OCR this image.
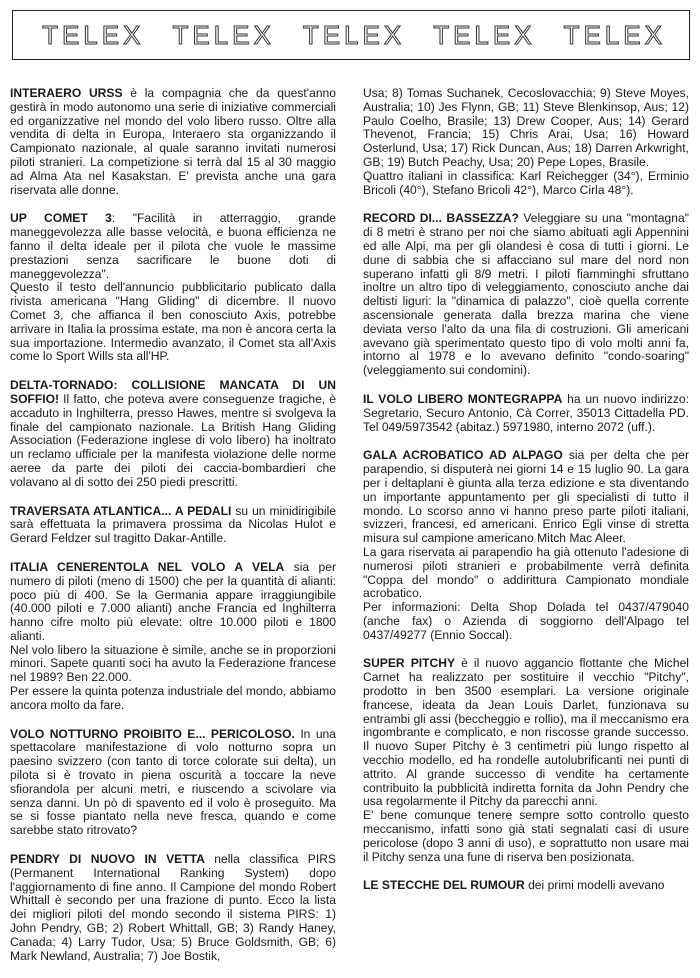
TELEX TELEX TELEX TELEX TELEX

INTERAERO URSS è la compagnia che da quest'anno gestirà in modo autonomo una serie di iniziative commerciali ed organizzative nel mondo del volo libero russo. Oltre alla vendita di delta in Europa, Interaero sta organizzando il Campionato nazionale, al quale saranno invitati numerosi piloti stranieri. La competizione si terrà dal 15 al 30 maggio ad Alma Ata nel Kasakstan. E' prevista anche una gara riservata alle donne.

UP COMET 3: "Facilità in atterraggio, grande maneggevolezza alle basse velocità, e buona efficienza ne fanno il delta ideale per il pilota che vuole le massime prestazioni senza sacrificare le buone doti di maneggevolezza".

Questo il testo dell'annuncio pubblicitario publicato dalla rivista americana "Hang Gliding" di dicembre. Il nuovo Comet 3, che affianca il ben conosciuto Axis, potrebbe arrivare in Italia la prossima estate, ma non è ancora certa la sua importazione. Intermedio avanzato, il Comet sta all'Axis come lo Sport Wills sta all'HP.

DELTA-TORNADO: COLLISIONE MANCATA DI UN SOFFIO! Il fatto, che poteva avere conseguenze tragiche, è accaduto in Inghilterra, presso Hawes, mentre si svolgeva la finale del campionato nazionale. La British Hang Gliding Association (Federazione inglese di volo libero) ha inoltrato un reclamo ufficiale per la manifesta violazione delle norme aeree da parte dei piloti dei caccia-bombardieri che volavano al di sotto dei 250 piedi prescritti.

TRAVERSATA ATLANTICA... A PEDALI su un minidirigibile sarà effettuata la primavera prossima da Nicolas Hulot e Gerard Feldzer sul tragitto Dakar-Antille.

ITALIA CENERENTOLA NEL VOLO A VELA sia per numero di piloti (meno di 1500) che per la quantità di alianti: poco più di 400. Se la Germania appare irraggiungibile (40.000 piloti e 7.000 alianti) anche Francia ed Inghilterra hanno cifre molto più elevate: oltre 10.000 piloti e 1800 alianti.

Nel volo libero la situazione è simile, anche se in proporzioni minori. Sapete quanti soci ha avuto la Federazione francese nel 1989? Ben 22.000.

Per essere la quinta potenza industriale del mondo, abbiamo ancora molto da fare.

VOLO NOTTURNO PROIBITO E... PERICOLOSO. In una spettacolare manifestazione di volo notturno sopra un paesino svizzero (con tanto di torce colorate sui delta), un pilota si è trovato in piena oscurità a toccare la neve sfiorandola per alcuni metri, e riuscendo a scivolare via senza danni. Un pò di spavento ed il volo è proseguito. Ma se si fosse piantato nella neve fresca, quando e come sarebbe stato ritrovato?

PENDRY DI NUOVO IN VETTA nella classifica PIRS (Permanent International Ranking System) dopo l'aggiornamento di fine anno. Il Campione del mondo Robert Whittall è secondo per una frazione di punto. Ecco la lista dei migliori piloti del mondo secondo il sistema PIRS: 1) John Pendry, GB; 2) Robert Whittall, GB; 3) Randy Haney, Canada; 4) Larry Tudor, Usa; 5) Bruce Goldsmith, GB; 6) Mark Newland, Australia; 7) Joe Bostik,

Usa; 8) Tomas Suchanek, Cecoslovacchia; 9) Steve Moyes, Australia; 10) Jes Flynn, GB; 11) Steve Blenkinsop, Aus; 12) Paulo Coelho, Brasile; 13) Drew Cooper, Aus; 14) Gerard Thevenot, Francia; 15) Chris Arai, Usa; 16) Howard Osterlund, Usa; 17) Rick Duncan, Aus; 18) Darren Arkwright, GB; 19) Butch Peachy, Usa; 20) Pepe Lopes, Brasile.

Quattro italiani in classifica: Karl Reichegger (34°), Erminio Bricoli (40°), Stefano Bricoli 42°), Marco Cirla 48°).

RECORD DI... BASSEZZA? Veleggiare su una "montagna" di 8 metri è strano per noi che siamo abituati agli Appennini ed alle Alpi, ma per gli olandesi è cosa di tutti i giorni. Le dune di sabbia che si affacciano sul mare del nord non superano infatti gli 8/9 metri. I piloti fiamminghi sfruttano inoltre un altro tipo di veleggiamento, conosciuto anche dai deltisti liguri: la "dinamica di palazzo", cioè quella corrente ascensionale generata dalla brezza marina che viene deviata verso l'alto da una fila di costruzioni. Gli americani avevano già sperimentato questo tipo di volo molti anni fa, intorno al 1978 e lo avevano definito "condo-soaring" (veleggiamento sui condomini).

IL VOLO LIBERO MONTEGRAPPA ha un nuovo indirizzo: Segretario, Securo Antonio, Cà Correr, 35013 Cittadella PD. Tel 049/5973542 (abitaz.) 5971980, interno 2072 (uff.).

GALA ACROBATICO AD ALPAGO sia per delta che per parapendio, si disputerà nei giorni 14 e 15 luglio 90. La gara per i deltaplani è giunta alla terza edizione e sta diventando un importante appuntamento per gli specialisti di tutto il mondo. Lo scorso anno vi hanno preso parte piloti italiani, svizzeri, francesi, ed americani. Enrico Egli vinse di stretta misura sul campione americano Mitch Mac Aleer.

La gara riservata ai parapendio ha già ottenuto l'adesione di numerosi piloti stranieri e probabilmente verrà definita "Coppa del mondo" o addirittura Campionato mondiale acrobatico.

Per informazioni: Delta Shop Dolada tel 0437/479040 (anche fax) o Azienda di soggiorno dell'Alpago tel 0437/49277 (Ennio Soccal).

SUPER PITCHY è il nuovo aggancio flottante che Michel Carnet ha realizzato per sostituire il vecchio "Pitchy", prodotto in ben 3500 esemplari. La versione originale francese, ideata da Jean Louis Darlet, funzionava su entrambi gli assi (beccheggio e rollio), ma il meccanismo era ingombrante e complicato, e non riscosse grande successo. Il nuovo Super Pitchy è 3 centimetri più lungo rispetto al vecchio modello, ed ha rondelle autolubrificanti nei punti di attrito. Al grande successo di vendite ha certamente contribuito la pubblicità indiretta fornita da John Pendry che usa regolarmente il Pitchy da parecchi anni.

E' bene comunque tenere sempre sotto controllo questo meccanismo, infatti sono già stati segnalati casi di usure pericolose (dopo 3 anni di uso), e soprattutto non usare mai il Pitchy senza una fune di riserva ben posizionata.

LE STECCHE DEL RUMOUR dei primi modelli avevano
